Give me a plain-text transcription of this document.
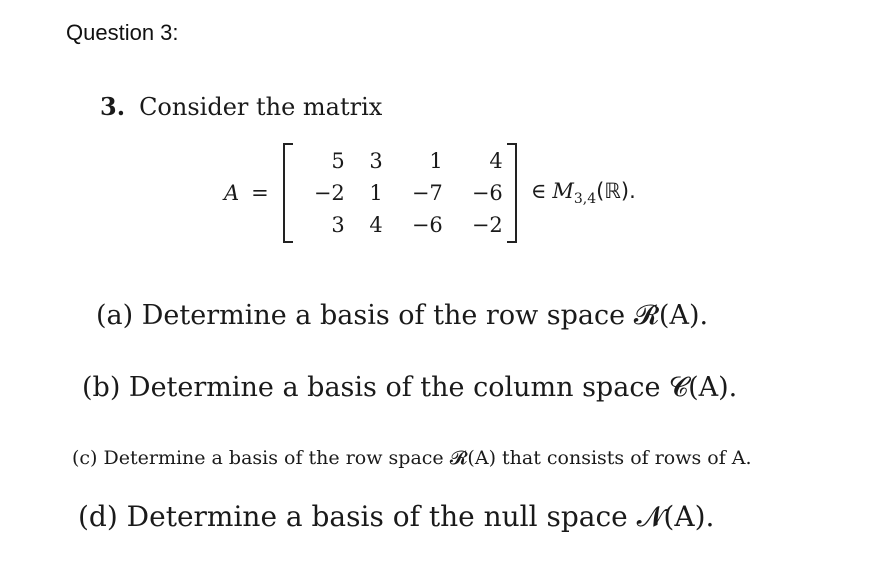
Question 3:
3. Consider the matrix
A =
5	3	1	4
−2	1	−7	−6
3	4	−6	−2
∈ $M_{3,4}(ℝ)$.
(a) Determine a basis of the row space 𝓡(A).
(b) Determine a basis of the column space 𝓒(A).
(c) Determine a basis of the row space 𝓡(A) that consists of rows of A.
(d) Determine a basis of the null space 𝓝(A).
